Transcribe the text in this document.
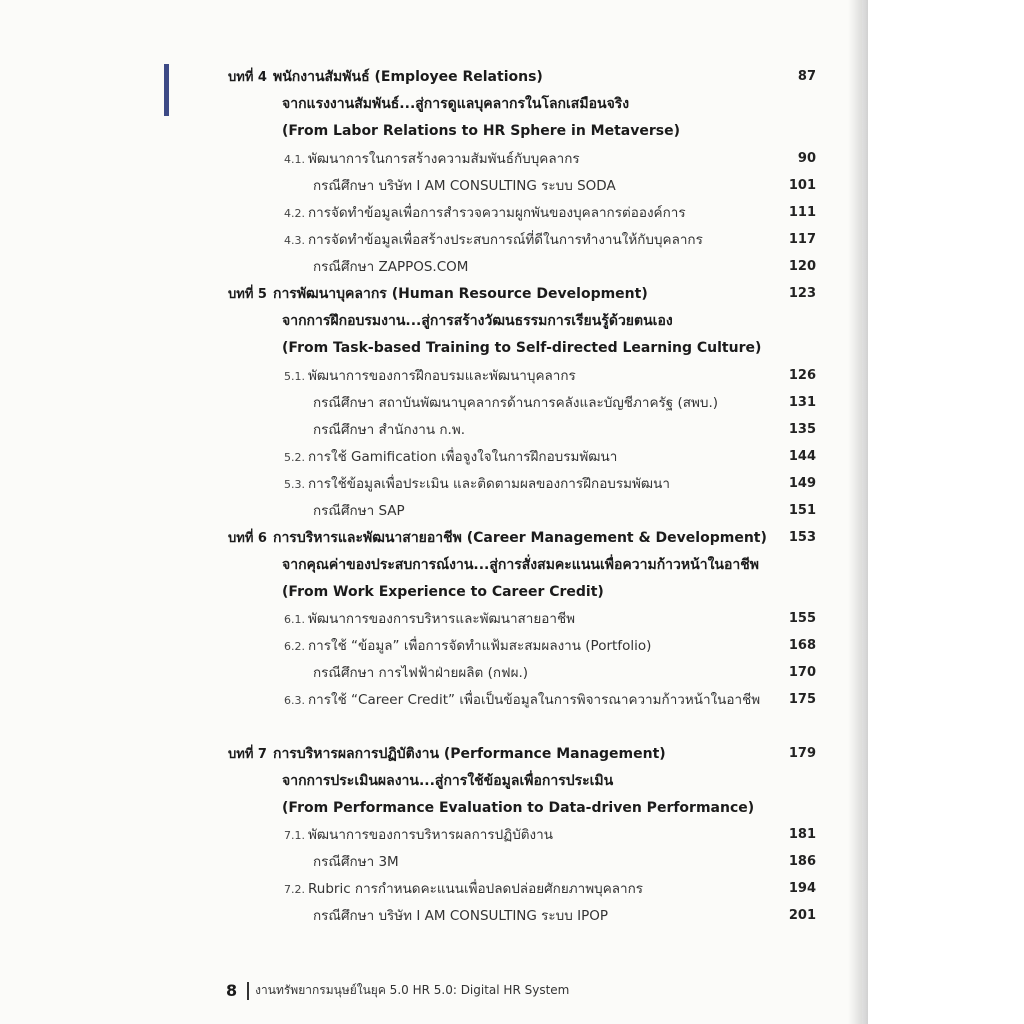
บทที่ 4 พนักงานสัมพันธ์ (Employee Relations)	87
จากแรงงานสัมพันธ์...สู่การดูแลบุคลากรในโลกเสมือนจริง
(From Labor Relations to HR Sphere in Metaverse)
4.1. พัฒนาการในการสร้างความสัมพันธ์กับบุคลากร	90
กรณีศึกษา บริษัท I AM CONSULTING ระบบ SODA	101
4.2. การจัดทำข้อมูลเพื่อการสำรวจความผูกพันของบุคลากรต่อองค์การ	111
4.3. การจัดทำข้อมูลเพื่อสร้างประสบการณ์ที่ดีในการทำงานให้กับบุคลากร	117
กรณีศึกษา ZAPPOS.COM	120
บทที่ 5 การพัฒนาบุคลากร (Human Resource Development)	123
จากการฝึกอบรมงาน...สู่การสร้างวัฒนธรรมการเรียนรู้ด้วยตนเอง
(From Task-based Training to Self-directed Learning Culture)
5.1. พัฒนาการของการฝึกอบรมและพัฒนาบุคลากร	126
กรณีศึกษา สถาบันพัฒนาบุคลากรด้านการคลังและบัญชีภาครัฐ (สพบ.)	131
กรณีศึกษา สำนักงาน ก.พ.	135
5.2. การใช้ Gamification เพื่อจูงใจในการฝึกอบรมพัฒนา	144
5.3. การใช้ข้อมูลเพื่อประเมิน และติดตามผลของการฝึกอบรมพัฒนา	149
กรณีศึกษา SAP	151
บทที่ 6 การบริหารและพัฒนาสายอาชีพ (Career Management & Development) 153
จากคุณค่าของประสบการณ์งาน...สู่การสั่งสมคะแนนเพื่อความก้าวหน้าในอาชีพ
(From Work Experience to Career Credit)
6.1. พัฒนาการของการบริหารและพัฒนาสายอาชีพ	155
6.2. การใช้ “ข้อมูล” เพื่อการจัดทำแฟ้มสะสมผลงาน (Portfolio)	168
กรณีศึกษา การไฟฟ้าฝ่ายผลิต (กฟผ.)	170
6.3. การใช้ “Career Credit” เพื่อเป็นข้อมูลในการพิจารณาความก้าวหน้าในอาชีพ 175
บทที่ 7 การบริหารผลการปฏิบัติงาน (Performance Management)	179
จากการประเมินผลงาน...สู่การใช้ข้อมูลเพื่อการประเมิน
(From Performance Evaluation to Data-driven Performance)
7.1. พัฒนาการของการบริหารผลการปฏิบัติงาน	181
กรณีศึกษา 3M	186
7.2. Rubric การกำหนดคะแนนเพื่อปลดปล่อยศักยภาพบุคลากร	194
กรณีศึกษา บริษัท I AM CONSULTING ระบบ IPOP	201
8 งานทรัพยากรมนุษย์ในยุค 5.0 HR 5.0: Digital HR System
